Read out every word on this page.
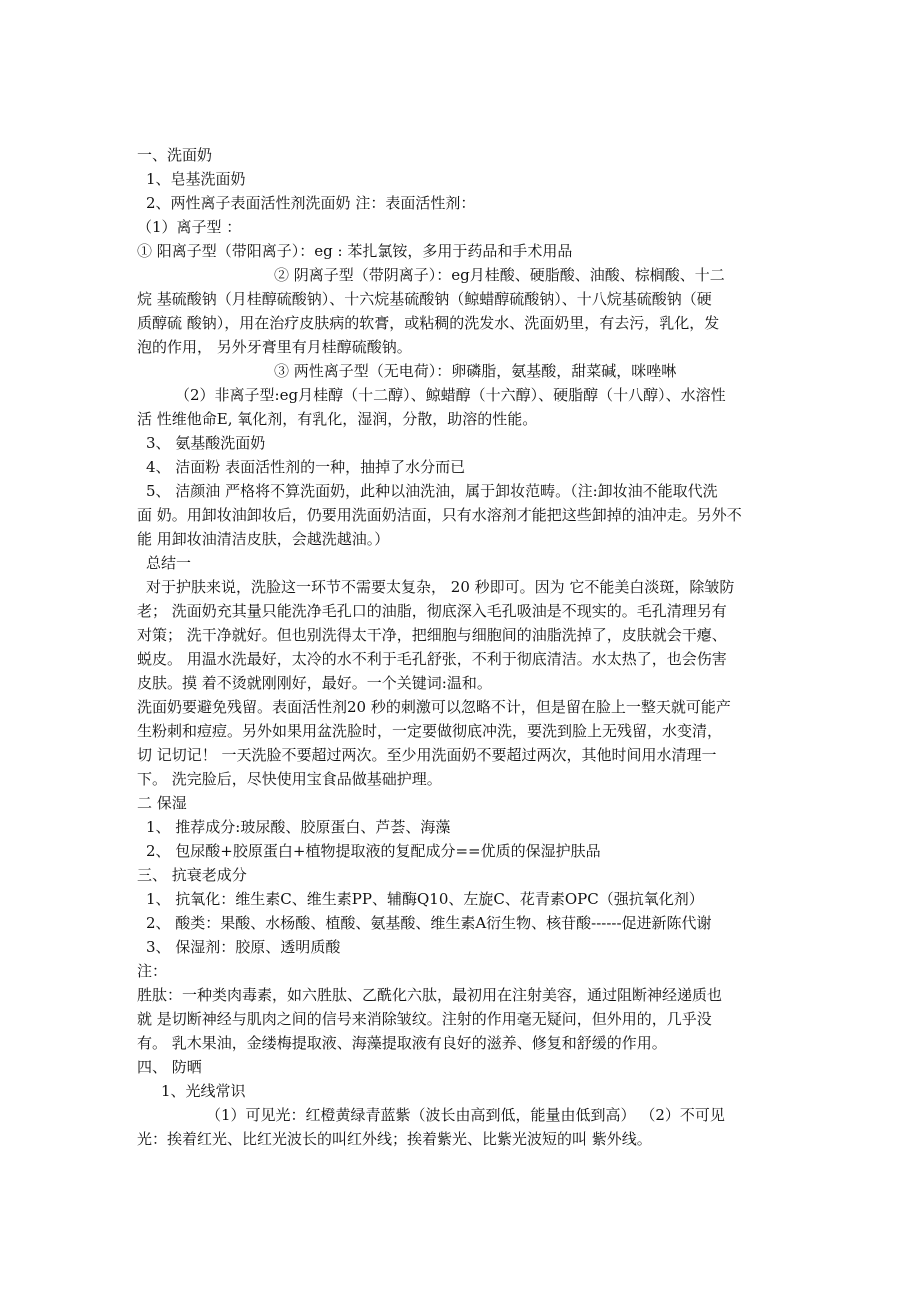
一、洗面奶
1、皂基洗面奶
2、两性离子表面活性剂洗面奶 注：表面活性剂：
（1）离子型 ：
① 阳离子型（带阳离子）：eg : 苯扎氯铵，多用于药品和手术用品
② 阴离子型（带阴离子）：eg月桂酸、硬脂酸、油酸、棕榈酸、十二
烷 基硫酸钠（月桂醇硫酸钠）、十六烷基硫酸钠（鲸蜡醇硫酸钠）、十八烷基硫酸钠（硬
质醇硫 酸钠），用在治疗皮肤病的软膏，或粘稠的洗发水、洗面奶里，有去污，乳化，发
泡的作用， 另外牙膏里有月桂醇硫酸钠。
③ 两性离子型（无电荷）：卵磷脂，氨基酸，甜菜碱，咪唑啉
（2）非离子型:eg月桂醇（十二醇）、鲸蜡醇（十六醇）、硬脂醇（十八醇）、水溶性
活 性维他命E, 氧化剂，有乳化，湿润，分散，助溶的性能。
3、 氨基酸洗面奶
4、 洁面粉 表面活性剂的一种，抽掉了水分而已
5、 洁颜油 严格将不算洗面奶，此种以油洗油，属于卸妆范畴。（注:卸妆油不能取代洗
面 奶。用卸妆油卸妆后，仍要用洗面奶洁面，只有水溶剂才能把这些卸掉的油冲走。另外不
能 用卸妆油清洁皮肤，会越洗越油。）
总结一
对于护肤来说，洗脸这一环节不需要太复杂， 20 秒即可。因为 它不能美白淡斑，除皱防
老； 洗面奶充其量只能洗净毛孔口的油脂，彻底深入毛孔吸油是不现实的。毛孔清理另有
对策； 洗干净就好。但也别洗得太干净，把细胞与细胞间的油脂洗掉了，皮肤就会干瘪、
蜕皮。 用温水洗最好，太冷的水不利于毛孔舒张，不利于彻底清洁。水太热了，也会伤害
皮肤。摸 着不烫就刚刚好，最好。一个关键词:温和。
洗面奶要避免残留。表面活性剂20 秒的刺激可以忽略不计，但是留在脸上一整天就可能产
生粉刺和痘痘。另外如果用盆洗脸时，一定要做彻底冲洗，要洗到脸上无残留，水变清，
切 记切记！ 一天洗脸不要超过两次。至少用洗面奶不要超过两次，其他时间用水清理一
下。 洗完脸后，尽快使用宝食品做基础护理。
二 保湿
1、 推荐成分:玻尿酸、胶原蛋白、芦荟、海藻
2、 包尿酸+胶原蛋白+植物提取液的复配成分==优质的保湿护肤品
三、 抗衰老成分
1、 抗氧化：维生素C、维生素PP、辅酶Q10、左旋C、花青素OPC（强抗氧化剂）
2、 酸类：果酸、水杨酸、植酸、氨基酸、维生素A衍生物、核苷酸------促进新陈代谢
3、 保湿剂：胶原、透明质酸
注：
胜肽：一种类肉毒素，如六胜肽、乙酰化六肽，最初用在注射美容，通过阻断神经递质也
就 是切断神经与肌肉之间的信号来消除皱纹。注射的作用毫无疑问，但外用的，几乎没
有。 乳木果油，金缕梅提取液、海藻提取液有良好的滋养、修复和舒缓的作用。
四、 防晒
1、光线常识
（1）可见光：红橙黄绿青蓝紫（波长由高到低，能量由低到高） （2）不可见
光：挨着红光、比红光波长的叫红外线；挨着紫光、比紫光波短的叫 紫外线。
